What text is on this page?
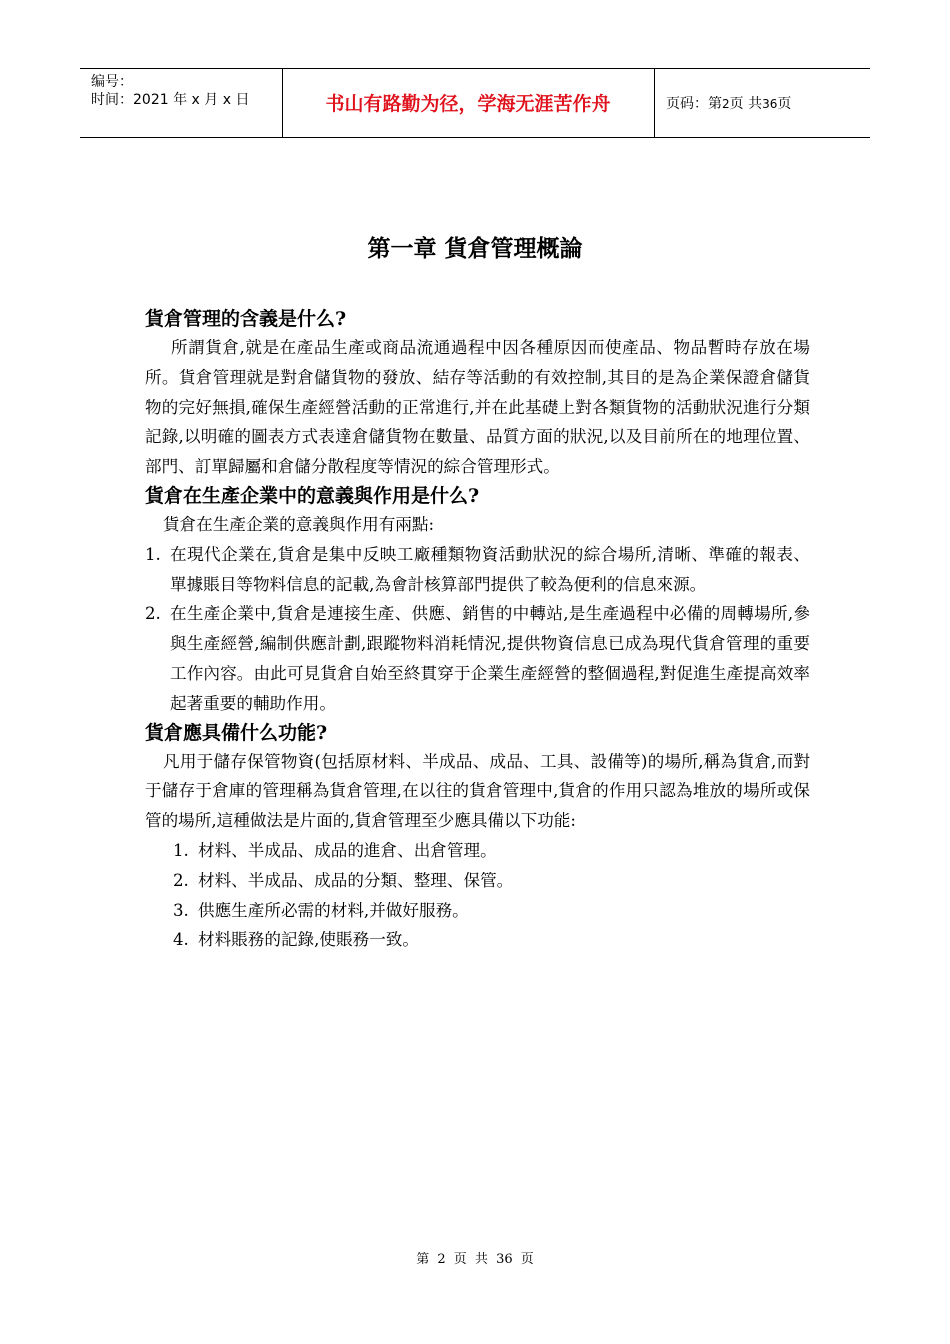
编号：
时间：2021 年 x 月 x 日	书山有路勤为径，学海无涯苦作舟	页码：第2页 共36页
第一章 貨倉管理概論
貨倉管理的含義是什么?

所謂貨倉,就是在產品生產或商品流通過程中因各種原因而使產品、物品暫時存放在場所。貨倉管理就是對倉儲貨物的發放、結存等活動的有效控制,其目的是為企業保證倉儲貨物的完好無損,確保生產經營活動的正常進行,并在此基礎上對各類貨物的活動狀況進行分類記錄,以明確的圖表方式表達倉儲貨物在數量、品質方面的狀況,以及目前所在的地理位置、部門、訂單歸屬和倉儲分散程度等情況的綜合管理形式。

貨倉在生產企業中的意義與作用是什么?

貨倉在生產企業的意義與作用有兩點:

1. 在現代企業在,貨倉是集中反映工廠種類物資活動狀況的綜合場所,清晰、準確的報表、單據賬目等物料信息的記載,為會計核算部門提供了較為便利的信息來源。
2. 在生產企業中,貨倉是連接生產、供應、銷售的中轉站,是生產過程中必備的周轉場所,參與生產經營,編制供應計劃,跟蹤物料消耗情況,提供物資信息已成為現代貨倉管理的重要工作內容。由此可見貨倉自始至終貫穿于企業生產經營的整個過程,對促進生產提高效率起著重要的輔助作用。
貨倉應具備什么功能?

凡用于儲存保管物資(包括原材料、半成品、成品、工具、設備等)的場所,稱為貨倉,而對于儲存于倉庫的管理稱為貨倉管理,在以往的貨倉管理中,貨倉的作用只認為堆放的場所或保管的場所,這種做法是片面的,貨倉管理至少應具備以下功能:

1. 材料、半成品、成品的進倉、出倉管理。
2. 材料、半成品、成品的分類、整理、保管。
3. 供應生產所必需的材料,并做好服務。
4. 材料賬務的記錄,使賬務一致。
第 2 页 共 36 页
